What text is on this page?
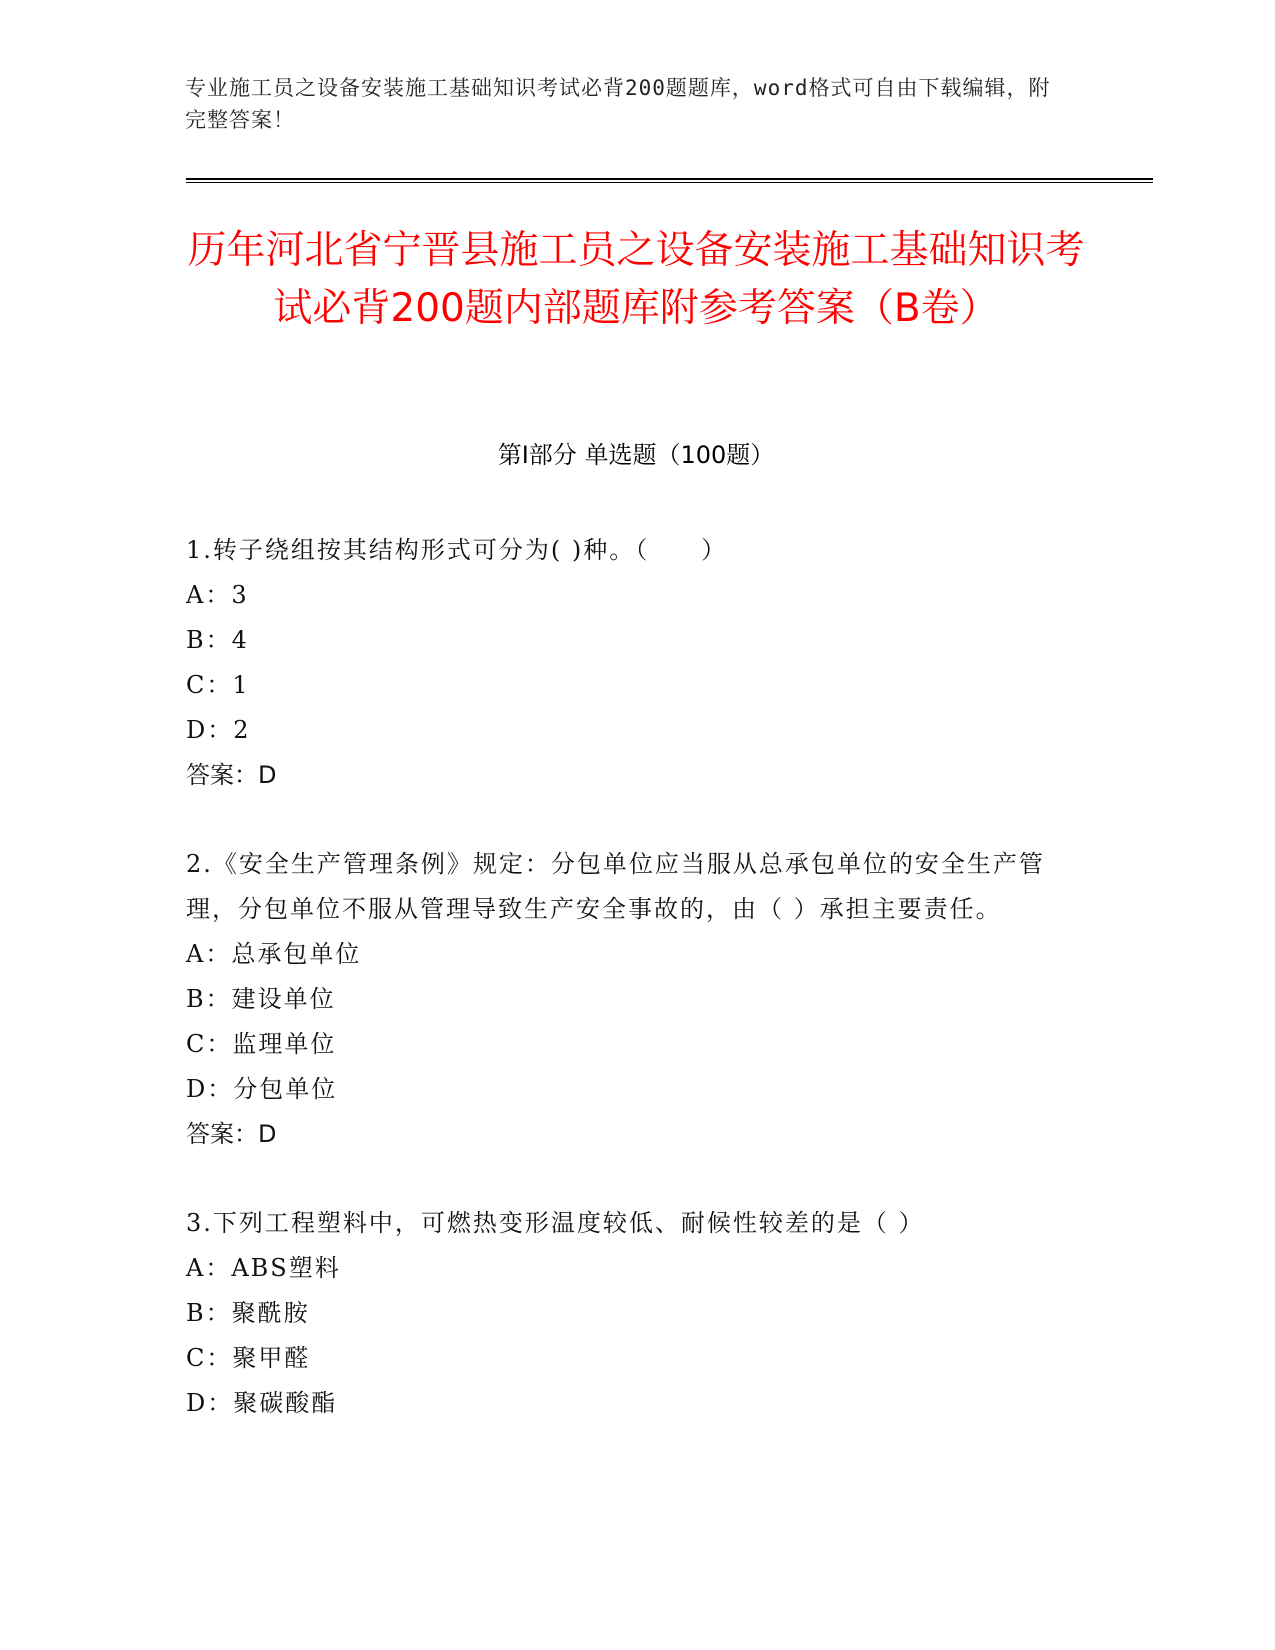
专业施工员之设备安装施工基础知识考试必背200题题库，word格式可自由下载编辑，附完整答案！
历年河北省宁晋县施工员之设备安装施工基础知识考试必背200题内部题库附参考答案（B卷）
第Ⅰ部分 单选题（100题）
1.转子绕组按其结构形式可分为( )种。（　　）
A：3
B：4
C：1
D：2
答案：D
2.《安全生产管理条例》规定：分包单位应当服从总承包单位的安全生产管理，分包单位不服从管理导致生产安全事故的，由（ ）承担主要责任。
A：总承包单位
B：建设单位
C：监理单位
D：分包单位
答案：D
3.下列工程塑料中，可燃热变形温度较低、耐候性较差的是（ ）
A：ABS塑料
B：聚酰胺
C：聚甲醛
D：聚碳酸酯
